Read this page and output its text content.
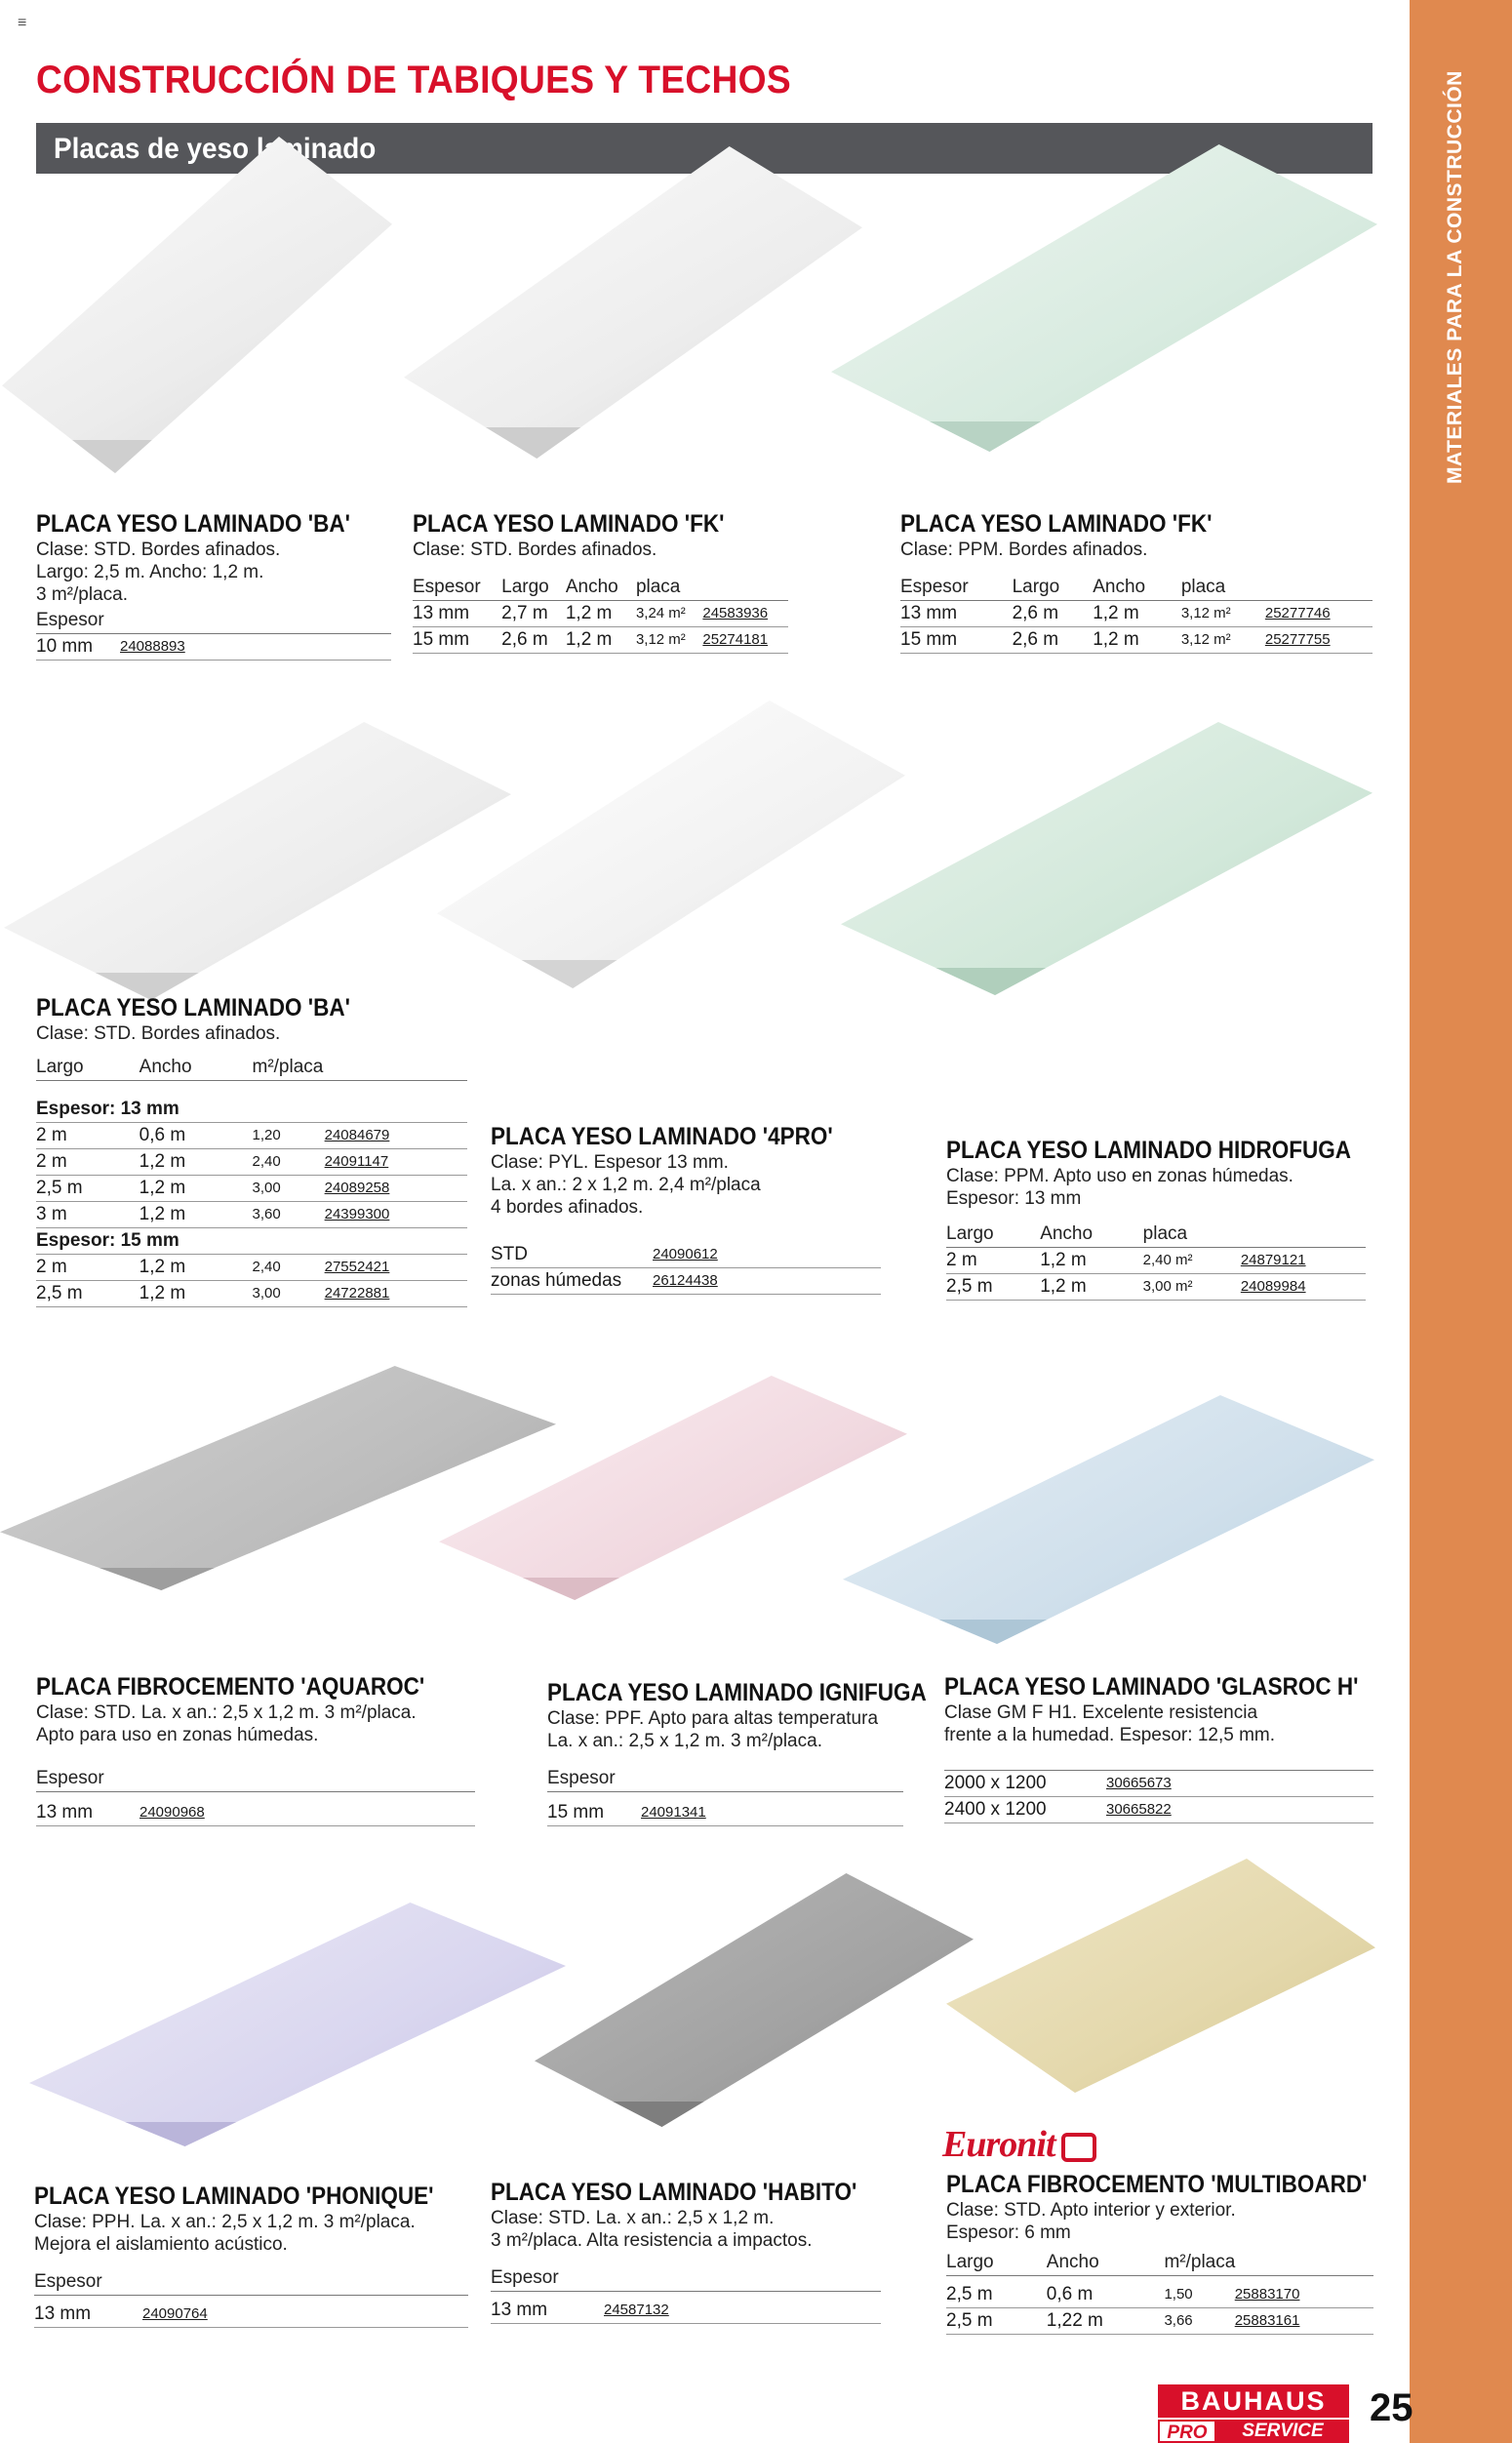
≡
MATERIALES PARA LA CONSTRUCCIÓN
CONSTRUCCIÓN DE TABIQUES Y TECHOS
Placas de yeso laminado
Euronit
PLACA YESO LAMINADO 'BA'
Clase: STD. Bordes afinados.
Largo: 2,5 m. Ancho: 1,2 m.
3 m²/placa.
Espesor	
10 mm	24088893
PLACA YESO LAMINADO 'FK'
Clase: STD. Bordes afinados.
Espesor	Largo	Ancho	placa	
13 mm	2,7 m	1,2 m	3,24 m²	24583936
15 mm	2,6 m	1,2 m	3,12 m²	25274181
PLACA YESO LAMINADO 'FK'
Clase: PPM. Bordes afinados.
Espesor	Largo	Ancho	placa	
13 mm	2,6 m	1,2 m	3,12 m²	25277746
15 mm	2,6 m	1,2 m	3,12 m²	25277755
PLACA YESO LAMINADO 'BA'
Clase: STD. Bordes afinados.
Largo	Ancho	m²/placa	

Espesor: 13 mm			
2 m	0,6 m	1,20	24084679
2 m	1,2 m	2,40	24091147
2,5 m	1,2 m	3,00	24089258
3 m	1,2 m	3,60	24399300
Espesor: 15 mm			
2 m	1,2 m	2,40	27552421
2,5 m	1,2 m	3,00	24722881
PLACA YESO LAMINADO '4PRO'
Clase: PYL. Espesor 13 mm.
La. x an.: 2 x 1,2 m. 2,4 m²/placa
4 bordes afinados.
STD	24090612
zonas húmedas	26124438
PLACA YESO LAMINADO HIDROFUGA
Clase: PPM. Apto uso en zonas húmedas.
Espesor: 13 mm
Largo	Ancho	placa	
2 m	1,2 m	2,40 m²	24879121
2,5 m	1,2 m	3,00 m²	24089984
PLACA FIBROCEMENTO 'AQUAROC'
Clase: STD. La. x an.: 2,5 x 1,2 m. 3 m²/placa.
Apto para uso en zonas húmedas.
Espesor	

13 mm	24090968
PLACA YESO LAMINADO IGNIFUGA
Clase: PPF. Apto para altas temperatura
La. x an.: 2,5 x 1,2 m. 3 m²/placa.
Espesor	

15 mm	24091341
PLACA YESO LAMINADO 'GLASROC H'
Clase GM F H1. Excelente resistencia
frente a la humedad. Espesor: 12,5 mm.
2000 x 1200	30665673
2400 x 1200	30665822
PLACA YESO LAMINADO 'PHONIQUE'
Clase: PPH. La. x an.: 2,5 x 1,2 m. 3 m²/placa.
Mejora el aislamiento acústico.
Espesor	

13 mm	24090764
PLACA YESO LAMINADO 'HABITO'
Clase: STD. La. x an.: 2,5 x 1,2 m.
3 m²/placa. Alta resistencia a impactos.
Espesor	

13 mm	24587132
PLACA FIBROCEMENTO 'MULTIBOARD'
Clase: STD. Apto interior y exterior.
Espesor: 6 mm
Largo	Ancho	m²/placa	

2,5 m	0,6 m	1,50	25883170
2,5 m	1,22 m	3,66	25883161
BAUHAUS
PRO	SERVICE
25
